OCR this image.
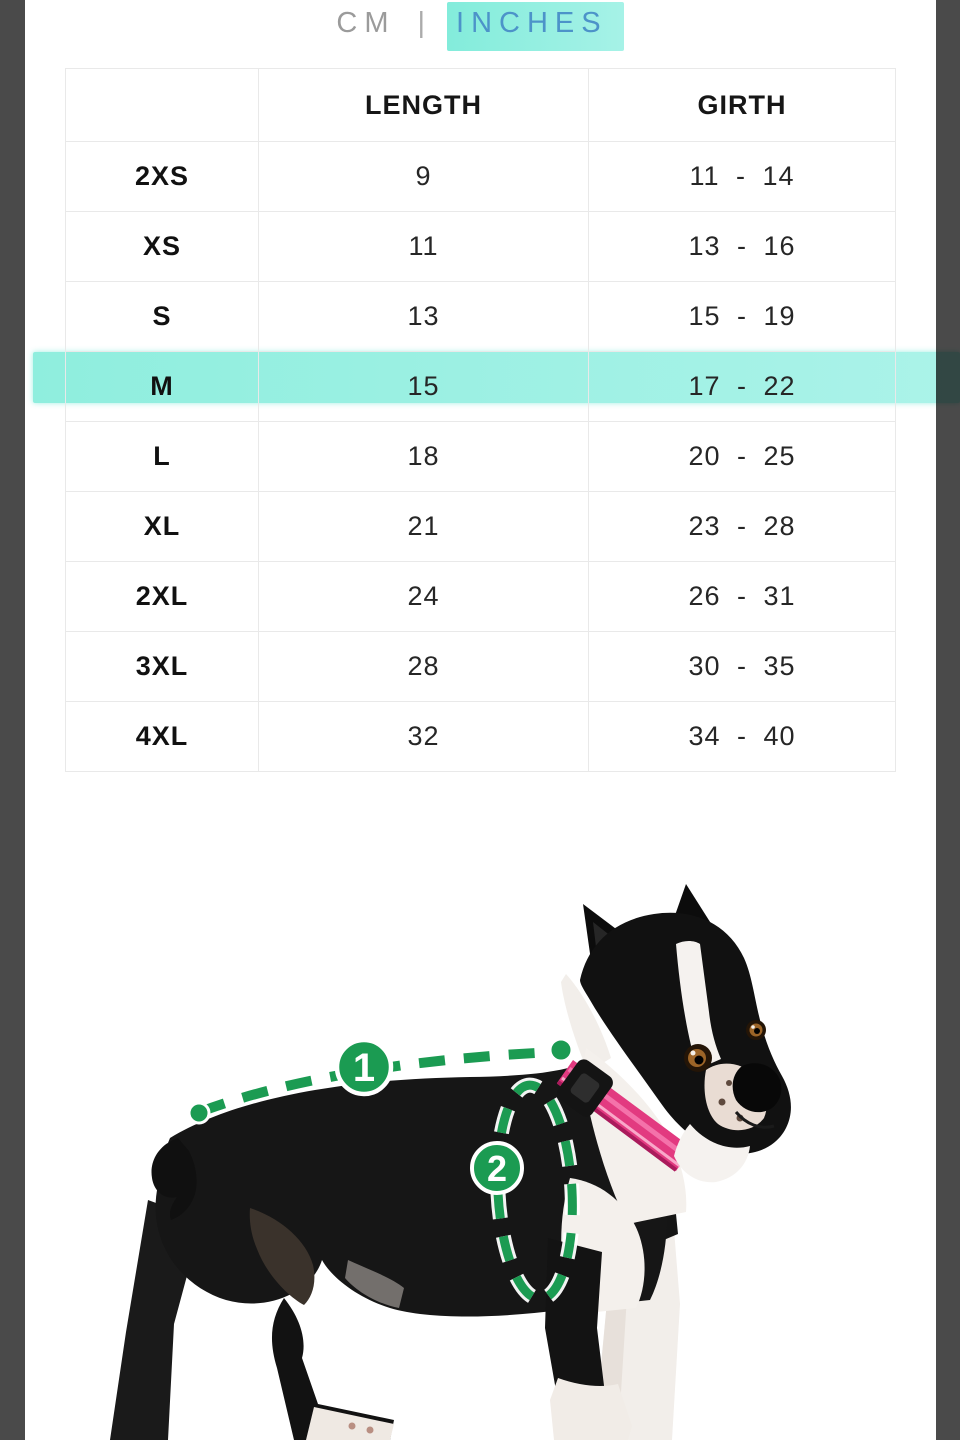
CM |	INCHES
	LENGTH	GIRTH
2XS	9	11 - 14
XS	11	13 - 16
S	13	15 - 19
M	15	17 - 22
L	18	20 - 25
XL	21	23 - 28
2XL	24	26 - 31
3XL	28	30 - 35
4XL	32	34 - 40
1
2
